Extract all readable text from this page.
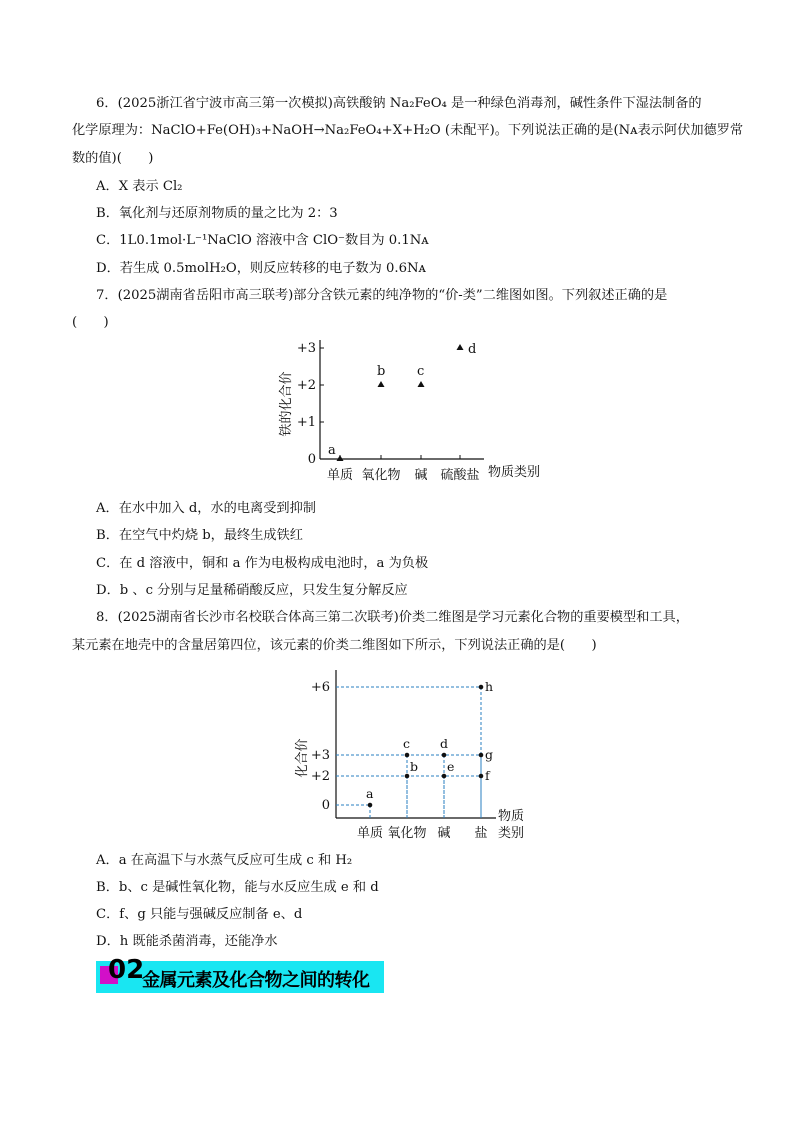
6．(2025浙江省宁波市高三第一次模拟)高铁酸钠 Na₂FeO₄ 是一种绿色消毒剂，碱性条件下湿法制备的
化学原理为：NaClO+Fe(OH)₃+NaOH→Na₂FeO₄+X+H₂O (未配平)。下列说法正确的是(Nᴀ表示阿伏加德罗常
数的值)(　　)
A．X 表示 Cl₂
B．氧化剂与还原剂物质的量之比为 2：3
C．1L0.1mol·L⁻¹NaClO 溶液中含 ClO⁻数目为 0.1Nᴀ
D．若生成 0.5molH₂O，则反应转移的电子数为 0.6Nᴀ
7．(2025湖南省岳阳市高三联考)部分含铁元素的纯净物的“价-类”二维图如图。下列叙述正确的是
(　　)
0
+1
+2
+3
单质 氧化物 碱 硫酸盐
a
b c
d
铁的化合价
物质类别
A．在水中加入 d，水的电离受到抑制
B．在空气中灼烧 b，最终生成铁红
C．在 d 溶液中，铜和 a 作为电极构成电池时，a 为负极
D．b 、c 分别与足量稀硝酸反应，只发生复分解反应
8．(2025湖南省长沙市名校联合体高三第二次联考)价类二维图是学习元素化合物的重要模型和工具，
某元素在地壳中的含量居第四位，该元素的价类二维图如下所示，下列说法正确的是(　　)
0
+2
+3
+6
单质 氧化物 碱 盐
a
b
c d
e
f
g
h
化合价
物质
类别
A．a 在高温下与水蒸气反应可生成 c 和 H₂
B．b、c 是碱性氧化物，能与水反应生成 e 和 d
C．f、g 只能与强碱反应制备 e、d
D．h 既能杀菌消毒，还能净水
02
金属元素及化合物之间的转化
